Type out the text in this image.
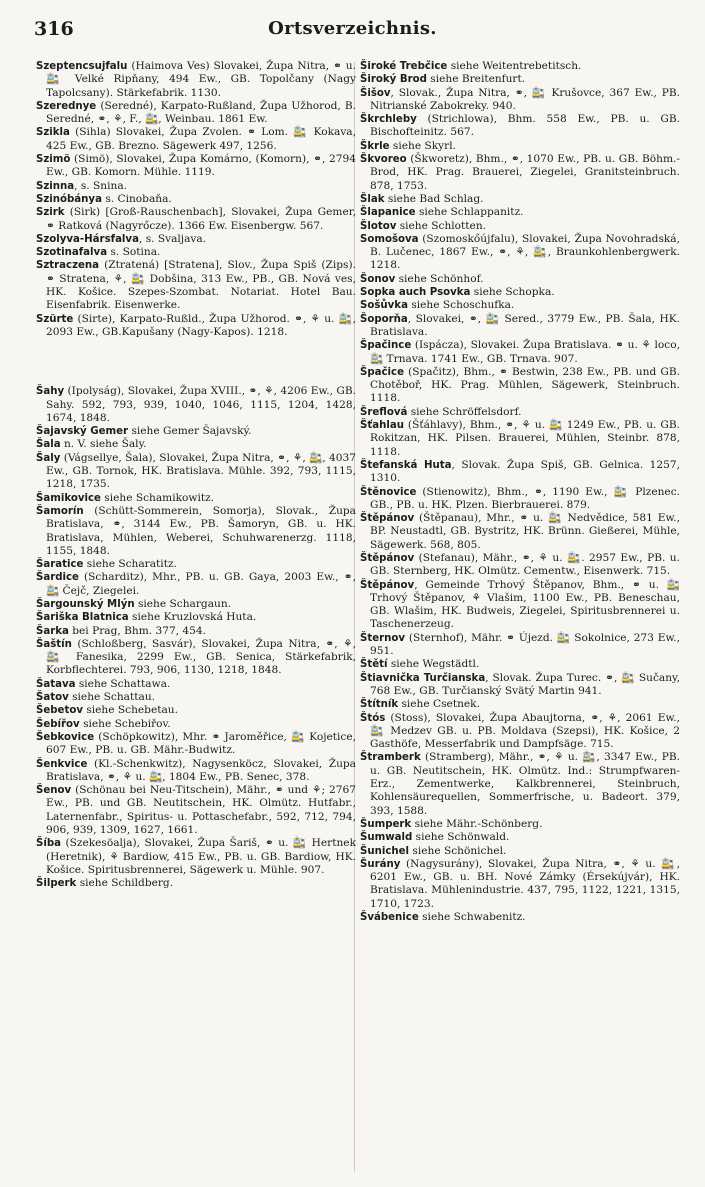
316	Ortsverzeichnis.

Szeptencsujfalu (Haimova Ves) Slovakei, Župa Nitra, ⚭ u. 🚉 Velké Ripňany, 494 Ew., GB. Topolčany (Nagy Tapolcsany). Stärkefabrik. 1130.

Szerednye (Seredné), Karpato-Rußland, Župa Užhorod, B. Seredné, ⚭, ⚘, F., 🚉, Weinbau. 1861 Ew.

Szikla (Sihla) Slovakei, Župa Zvolen. ⚭ Lom. 🚉 Kokava, 425 Ew., GB. Brezno. Sägewerk 497, 1256.

Szimö (Simö), Slovakei, Župa Komárno, (Komorn), ⚭, 2794 Ew., GB. Komorn. Mühle. 1119.

Szinna, s. Snina.

Szinóbánya s. Cinobaňa.

Szirk (Sirk) [Groß-Rauschenbach], Slovakei, Župa Gemer, ⚭ Ratková (Nagyrőcze). 1366 Ew. Eisenbergw. 567.

Szolyva-Hársfalva, s. Svaljava.

Szotinafalva s. Sotina.

Sztraczena (Ztratená) [Stratena], Slov., Župa Spiš (Zips). ⚭ Stratena, ⚘, 🚉 Dobšina, 313 Ew., PB., GB. Nová ves, HK. Košice. Szepes-Szombat. Notariat. Hotel Bau. Eisenfabrik. Eisenwerke.

Szürte (Sirte), Karpato-Rußld., Župa Užhorod. ⚭, ⚘ u. 🚉, 2093 Ew., GB.Kapušany (Nagy-Kapos). 1218.

Šahy (Ipolyság), Slovakei, Župa XVIII., ⚭, ⚘, 4206 Ew., GB. Sahy. 592, 793, 939, 1040, 1046, 1115, 1204, 1428, 1674, 1848.

Šajavský Gemer siehe Gemer Šajavský.

Šala n. V. siehe Šaly.

Šaly (Vágsellye, Šala), Slovakei, Župa Nitra, ⚭, ⚘, 🚉, 4037 Ew., GB. Tornok, HK. Bratislava. Mühle. 392, 793, 1115, 1218, 1735.

Šamikovice siehe Schamikowitz.

Šamorín (Schütt-Sommerein, Somorja), Slovak., Župa Bratislava, ⚭, 3144 Ew., PB. Šamoryn, GB. u. HK. Bratislava, Mühlen, Weberei, Schuhwarenerzg. 1118, 1155, 1848.

Šaratice siehe Scharatitz.

Šardice (Scharditz), Mhr., PB. u. GB. Gaya, 2003 Ew., ⚭, 🚉 Čejč, Ziegelei.

Šargounský Mlýn siehe Schargaun.

Šariška Blatnica siehe Kruzlovská Huta.

Šarka bei Prag, Bhm. 377, 454.

Šaštín (Schloßberg, Sasvár), Slovakei, Župa Nitra, ⚭, ⚘, 🚉 Fanesika, 2299 Ew., GB. Senica, Stärkefabrik, Korbflechterei. 793, 906, 1130, 1218, 1848.

Šatava siehe Schattawa.

Šatov siehe Schattau.

Šebetov siehe Schebetau.

Šebířov siehe Schebiřov.

Šebkovice (Schöpkowitz), Mhr. ⚭ Jaroměřice, 🚉 Kojetice, 607 Ew., PB. u. GB. Mähr.-Budwitz.

Šenkvice (Kl.-Schenkwitz), Nagysenköcz, Slovakei, Župa Bratislava, ⚭, ⚘ u. 🚉, 1804 Ew., PB. Senec, 378.

Šenov (Schönau bei Neu-Titschein), Mähr., ⚭ und ⚘; 2767 Ew., PB. und GB. Neutitschein, HK. Olmütz. Hutfabr., Laternenfabr., Spiritus- u. Pottaschefabr., 592, 712, 794, 906, 939, 1309, 1627, 1661.

Šíba (Szekesöalja), Slovakei, Župa Šariš, ⚭ u. 🚉 Hertnek (Heretnik), ⚘ Bardiow, 415 Ew., PB. u. GB. Bardiow, HK. Košice. Spiritusbrennerei, Sägewerk u. Mühle. 907.

Šilperk siehe Schildberg.

Široké Trebčice siehe Weitentrebetitsch.

Široký Brod siehe Breitenfurt.

Šišov, Slovak., Župa Nitra, ⚭, 🚉 Krušovce, 367 Ew., PB. Nitrianské Zabokreky. 940.

Škrchleby (Strichlowa), Bhm. 558 Ew., PB. u. GB. Bischofteinitz. 567.

Škrle siehe Skyrl.

Škvoreo (Škworetz), Bhm., ⚭, 1070 Ew., PB. u. GB. Böhm.-Brod, HK. Prag. Brauerei, Ziegelei, Granitsteinbruch. 878, 1753.

Šlak siehe Bad Schlag.

Šlapanice siehe Schlappanitz.

Šlotov siehe Schlotten.

Somošova (Szomoskőújfalu), Slovakei, Župa Novohradská, B. Lučenec, 1867 Ew., ⚭, ⚘, 🚉, Braunkohlenbergwerk. 1218.

Šonov siehe Schönhof.

Sopka auch Psovka siehe Schopka.

Sošůvka siehe Schoschufka.

Šoporňa, Slovakei, ⚭, 🚉 Sered., 3779 Ew., PB. Šala, HK. Bratislava.

Špačince (Ispácza), Slovakei. Župa Bratislava. ⚭ u. ⚘ loco, 🚉 Trnava. 1741 Ew., GB. Trnava. 907.

Špačice (Spačitz), Bhm., ⚭ Bestwin, 238 Ew., PB. und GB. Chotěboř, HK. Prag. Mühlen, Sägewerk, Steinbruch. 1118.

Šreflová siehe Schröffelsdorf.

Šťahlau (Šťáhlavy), Bhm., ⚭, ⚘ u. 🚉 1249 Ew., PB. u. GB. Rokitzan, HK. Pilsen. Brauerei, Mühlen, Steinbr. 878, 1118.

Štefanská Huta, Slovak. Župa Spiš, GB. Gelnica. 1257, 1310.

Štěnovice (Stienowitz), Bhm., ⚭, 1190 Ew., 🚉 Plzenec. GB., PB. u. HK. Plzen. Bierbrauerei. 879.

Štěpánov (Štěpanau), Mhr., ⚭ u. 🚉 Nedvědice, 581 Ew., BP. Neustadtl, GB. Bystritz, HK. Brünn. Gießerei, Mühle, Sägewerk. 568, 805.

Štěpánov (Stefanau), Mähr., ⚭, ⚘ u. 🚉. 2957 Ew., PB. u. GB. Sternberg, HK. Olmütz. Cementw., Eisenwerk. 715.

Štěpánov, Gemeinde Trhový Štěpanov, Bhm., ⚭ u. 🚉 Trhový Štěpanov, ⚘ Vlašim, 1100 Ew., PB. Beneschau, GB. Wlašim, HK. Budweis, Ziegelei, Spiritusbrennerei u. Taschenerzeug.

Šternov (Sternhof), Mähr. ⚭ Újezd. 🚉 Sokolnice, 273 Ew., 951.

Štětí siehe Wegstädtl.

Štiavnička Turčianska, Slovak. Župa Turec. ⚭, 🚉 Sučany, 768 Ew., GB. Turčianský Svätý Martin 941.

Štítník siehe Csetnek.

Štós (Stoss), Slovakei, Župa Abaujtorna, ⚭, ⚘, 2061 Ew., 🚉 Medzev GB. u. PB. Moldava (Szepsi), HK. Košice, 2 Gasthöfe, Messerfabrik und Dampfsäge. 715.

Štramberk (Stramberg), Mähr., ⚭, ⚘ u. 🚉, 3347 Ew., PB. u. GB. Neutitschein, HK. Olmütz. Ind.: Strumpfwaren-Erz., Zementwerke, Kalkbrennerei, Steinbruch, Kohlensäurequellen, Sommerfrische, u. Badeort. 379, 393, 1588.

Šumperk siehe Mähr.-Schönberg.

Šumwald siehe Schönwald.

Šunichel siehe Schönichel.

Šurány (Nagysurány), Slovakei, Župa Nitra, ⚭, ⚘ u. 🚉, 6201 Ew., GB. u. BH. Nové Zámky (Érsekújvár), HK. Bratislava. Mühlenindustrie. 437, 795, 1122, 1221, 1315, 1710, 1723.

Švábenice siehe Schwabenitz.
